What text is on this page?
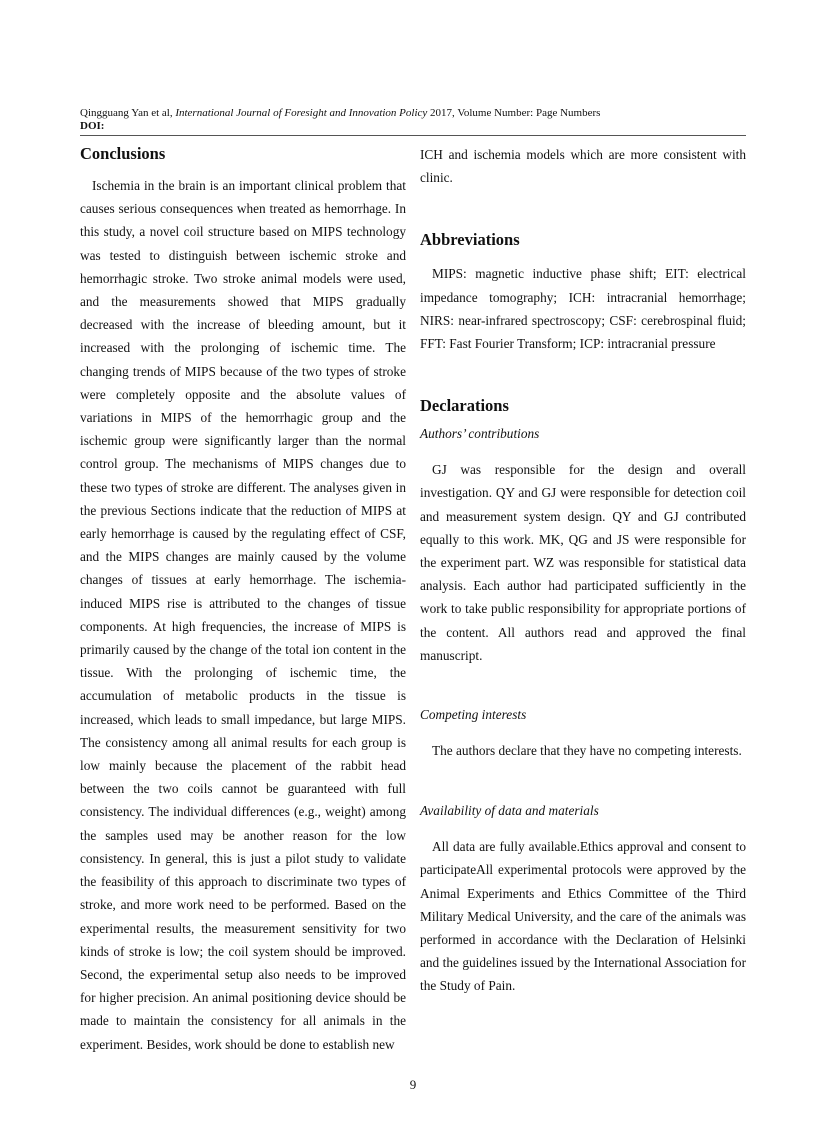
Qingguang Yan et al, International Journal of Foresight and Innovation Policy 2017, Volume Number: Page Numbers
DOI:
Conclusions

Ischemia in the brain is an important clinical problem that causes serious consequences when treated as hemorrhage. In this study, a novel coil structure based on MIPS technology was tested to distinguish between ischemic stroke and hemorrhagic stroke. Two stroke animal models were used, and the measurements showed that MIPS gradually decreased with the increase of bleeding amount, but it increased with the prolonging of ischemic time. The changing trends of MIPS because of the two types of stroke were completely opposite and the absolute values of variations in MIPS of the hemorrhagic group and the ischemic group were significantly larger than the normal control group. The mechanisms of MIPS changes due to these two types of stroke are different. The analyses given in the previous Sections indicate that the reduction of MIPS at early hemorrhage is caused by the regulating effect of CSF, and the MIPS changes are mainly caused by the volume changes of tissues at early hemorrhage. The ischemia-induced MIPS rise is attributed to the changes of tissue components. At high frequencies, the increase of MIPS is primarily caused by the change of the total ion content in the tissue. With the prolonging of ischemic time, the accumulation of metabolic products in the tissue is increased, which leads to small impedance, but large MIPS. The consistency among all animal results for each group is low mainly because the placement of the rabbit head between the two coils cannot be guaranteed with full consistency. The individual differences (e.g., weight) among the samples used may be another reason for the low consistency. In general, this is just a pilot study to validate the feasibility of this approach to discriminate two types of stroke, and more work need to be performed. Based on the experimental results, the measurement sensitivity for two kinds of stroke is low; the coil system should be improved. Second, the experimental setup also needs to be improved for higher precision. An animal positioning device should be made to maintain the consistency for all animals in the experiment. Besides, work should be done to establish new

ICH and ischemia models which are more consistent with clinic.

Abbreviations

MIPS: magnetic inductive phase shift; EIT: electrical impedance tomography; ICH: intracranial hemorrhage; NIRS: near-infrared spectroscopy; CSF: cerebrospinal fluid; FFT: Fast Fourier Transform; ICP: intracranial pressure

Declarations

Authors’ contributions

GJ was responsible for the design and overall investigation. QY and GJ were responsible for detection coil and measurement system design. QY and GJ contributed equally to this work. MK, QG and JS were responsible for the experiment part. WZ was responsible for statistical data analysis. Each author had participated sufficiently in the work to take public responsibility for appropriate portions of the content. All authors read and approved the final manuscript.

Competing interests

The authors declare that they have no competing interests.

Availability of data and materials

All data are fully available.Ethics approval and consent to participateAll experimental protocols were approved by the Animal Experiments and Ethics Committee of the Third Military Medical University, and the care of the animals was performed in accordance with the Declaration of Helsinki and the guidelines issued by the International Association for the Study of Pain.

9
